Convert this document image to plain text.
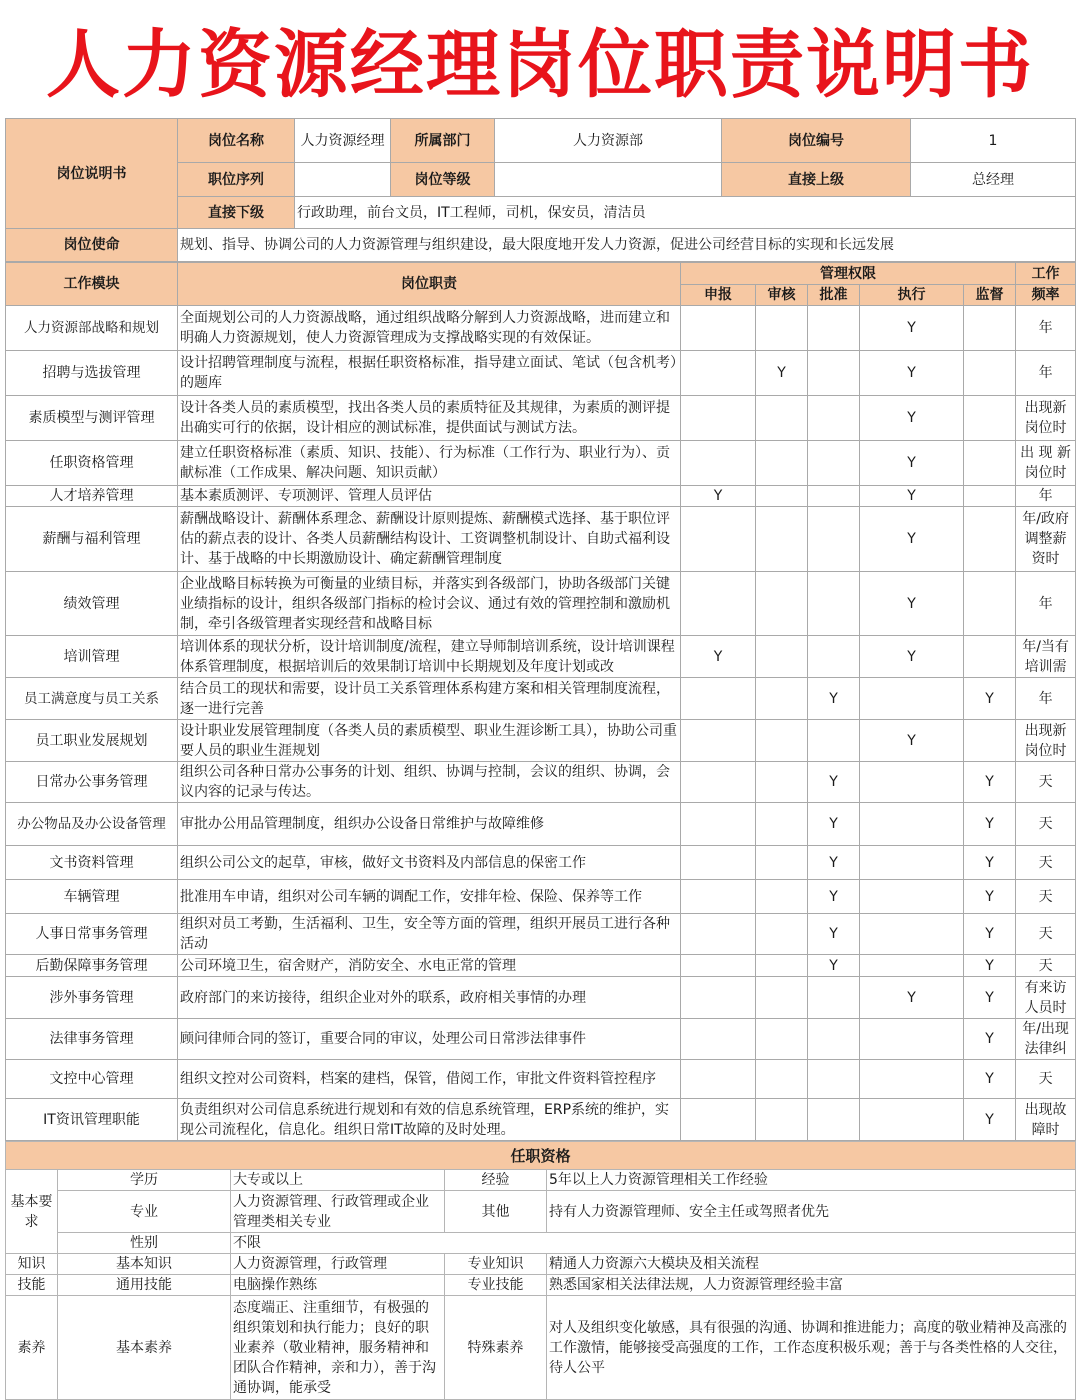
人力资源经理岗位职责说明书
岗位说明书	岗位名称	人力资源经理	所属部门	人力资源部	岗位编号	1
	职位序列		岗位等级		直接上级	总经理
	直接下级	行政助理，前台文员，IT工程师，司机，保安员，清洁员				
岗位使命	规划、指导、协调公司的人力资源管理与组织建设，最大限度地开发人力资源，促进公司经营目标的实现和长远发展					
工作模块	岗位职责	管理权限					工作
		申报	审核	批准	执行	监督	频率
人力资源部战略和规划	全面规划公司的人力资源战略，通过组织战略分解到人力资源战略，进而建立和明确人力资源规划，使人力资源管理成为支撑战略实现的有效保证。				Y		年
招聘与选拔管理	设计招聘管理制度与流程，根据任职资格标准，指导建立面试、笔试（包含机考）的题库		Y		Y		年
素质模型与测评管理	设计各类人员的素质模型，找出各类人员的素质特征及其规律，为素质的测评提出确实可行的依据，设计相应的测试标准，提供面试与测试方法。				Y		出现新岗位时
任职资格管理	建立任职资格标准（素质、知识、技能）、行为标准（工作行为、职业行为）、贡献标准（工作成果、解决问题、知识贡献）				Y		出 现 新岗位时
人才培养管理	基本素质测评、专项测评、管理人员评估	Y			Y		年
薪酬与福利管理	薪酬战略设计、薪酬体系理念、薪酬设计原则提炼、薪酬模式选择、基于职位评估的薪点表的设计、各类人员薪酬结构设计、工资调整机制设计、自助式福利设计、基于战略的中长期激励设计、确定薪酬管理制度				Y		年/政府调整薪资时
绩效管理	企业战略目标转换为可衡量的业绩目标，并落实到各级部门，协助各级部门关键业绩指标的设计，组织各级部门指标的检讨会议、通过有效的管理控制和激励机制，牵引各级管理者实现经营和战略目标				Y		年
培训管理	培训体系的现状分析，设计培训制度/流程，建立导师制培训系统，设计培训课程体系管理制度，根据培训后的效果制订培训中长期规划及年度计划或改	Y			Y		年/当有培训需
员工满意度与员工关系	结合员工的现状和需要，设计员工关系管理体系构建方案和相关管理制度流程，逐一进行完善			Y		Y	年
员工职业发展规划	设计职业发展管理制度（各类人员的素质模型、职业生涯诊断工具），协助公司重要人员的职业生涯规划				Y		出现新岗位时
日常办公事务管理	组织公司各种日常办公事务的计划、组织、协调与控制，会议的组织、协调，会议内容的记录与传达。			Y		Y	天
办公物品及办公设备管理	审批办公用品管理制度，组织办公设备日常维护与故障维修			Y		Y	天
文书资料管理	组织公司公文的起草，审核，做好文书资料及内部信息的保密工作			Y		Y	天
车辆管理	批准用车申请，组织对公司车辆的调配工作，安排年检、保险、保养等工作			Y		Y	天
人事日常事务管理	组织对员工考勤，生活福利、卫生，安全等方面的管理，组织开展员工进行各种活动			Y		Y	天
后勤保障事务管理	公司环境卫生，宿舍财产，消防安全、水电正常的管理			Y		Y	天
涉外事务管理	政府部门的来访接待，组织企业对外的联系，政府相关事情的办理				Y	Y	有来访人员时
法律事务管理	顾问律师合同的签订，重要合同的审议，处理公司日常涉法律事件					Y	年/出现法律纠
文控中心管理	组织文控对公司资料，档案的建档，保管，借阅工作，审批文件资料管控程序					Y	天
IT资讯管理职能	负责组织对公司信息系统进行规划和有效的信息系统管理，ERP系统的维护，实现公司流程化，信息化。组织日常IT故障的及时处理。					Y	出现故障时
任职资格				
基本要求	学历	大专或以上	经验	5年以上人力资源管理相关工作经验
	专业	人力资源管理、行政管理或企业管理类相关专业	其他	持有人力资源管理师、安全主任或驾照者优先
	性别	不限		
知识	基本知识	人力资源管理，行政管理	专业知识	精通人力资源六大模块及相关流程
技能	通用技能	电脑操作熟练	专业技能	熟悉国家相关法律法规，人力资源管理经验丰富
素养	基本素养	态度端正、注重细节，有极强的组织策划和执行能力；良好的职业素养（敬业精神，服务精神和团队合作精神，亲和力），善于沟通协调，能承受	特殊素养	对人及组织变化敏感，具有很强的沟通、协调和推进能力；高度的敬业精神及高涨的工作激情，能够接受高强度的工作，工作态度积极乐观；善于与各类性格的人交往，待人公平
